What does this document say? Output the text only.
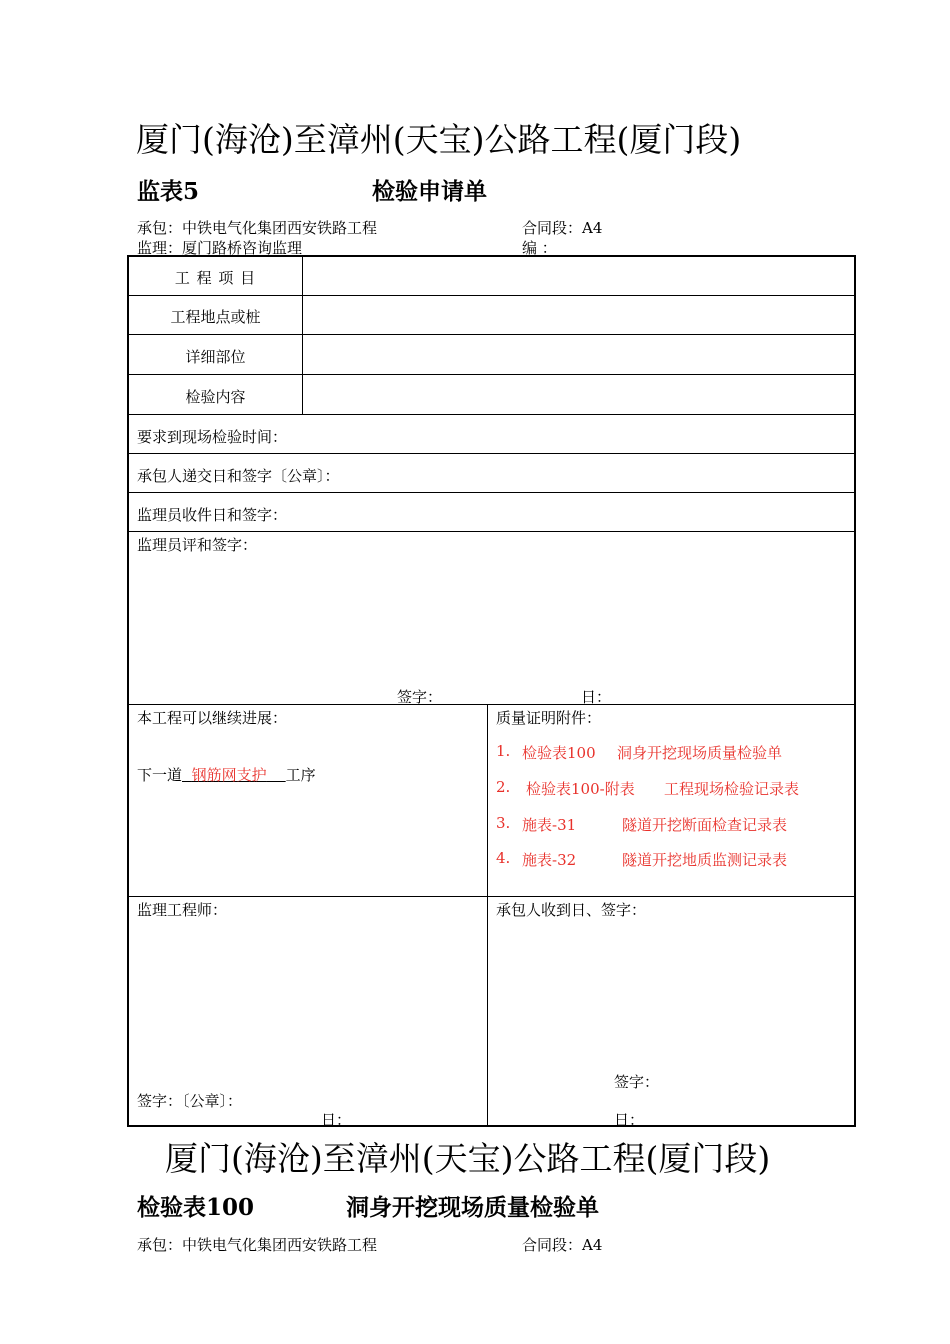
厦门(海沧)至漳州(天宝)公路工程(厦门段)
监表5	检验申请单
承包：中铁电气化集团西安铁路工程	合同段：A4
监理：厦门路桥咨询监理	编 ：
工 程 项 目
工程地点或桩
详细部位
检验内容
要求到现场检验时间：
承包人递交日和签字〔公章〕：
监理员收件日和签字：
监理员评和签字：
签字：	日：
本工程可以继续进展：
下一道 钢筋网支护 工序
质量证明附件：
1. 检验表100 洞身开挖现场质量检验单
2. 检验表100-附表 工程现场检验记录表
3. 施表-31	隧道开挖断面检查记录表
4. 施表-32	隧道开挖地质监测记录表
监理工程师：	承包人收到日、签字：
签字：〔公章〕：
日：
签字：
日：
厦门(海沧)至漳州(天宝)公路工程(厦门段)
检验表100	洞身开挖现场质量检验单
承包：中铁电气化集团西安铁路工程	合同段：A4
